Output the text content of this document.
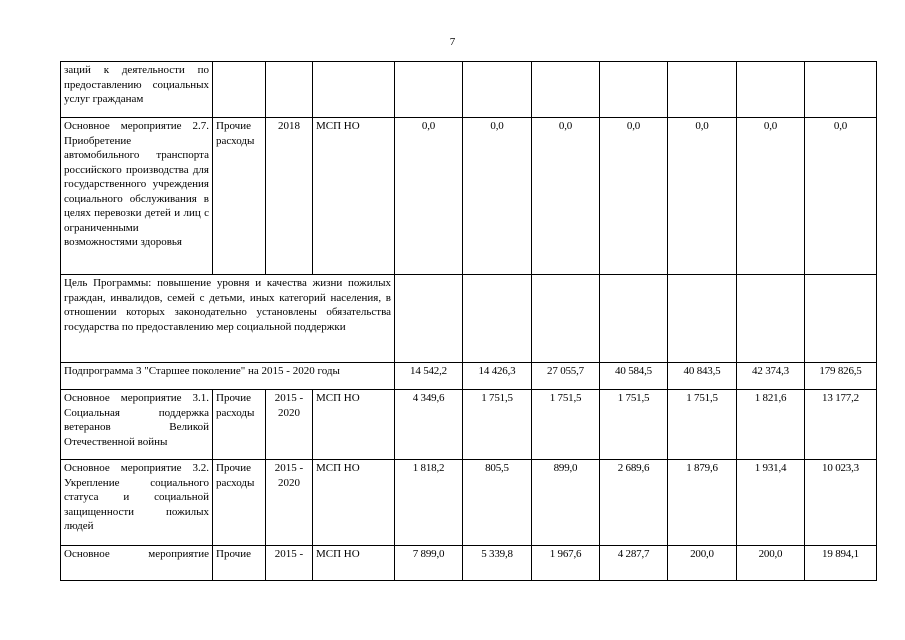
7
заций к деятельности по предоставлению социальных услуг гражданам										
Основное мероприятие 2.7. Приобретение автомобильного транспорта российского производства для государственного учреждения социального обслуживания в целях перевозки детей и лиц с ограниченными возможностями здоровья	Прочие расходы	2018	МСП НО	0,0	0,0	0,0	0,0	0,0	0,0	0,0
Цель Программы: повышение уровня и качества жизни пожилых граждан, инвалидов, семей с детьми, иных категорий населения, в отношении которых законодательно установлены обязательства государства по предоставлению мер социальной поддержки										
Подпрограмма 3 "Старшее поколение" на 2015 - 2020 годы				14 542,2	14 426,3	27 055,7	40 584,5	40 843,5	42 374,3	179 826,5
Основное мероприятие 3.1. Социальная поддержка ветеранов Великой Отечественной войны	Прочие расходы	2015 - 2020	МСП НО	4 349,6	1 751,5	1 751,5	1 751,5	1 751,5	1 821,6	13 177,2
Основное мероприятие 3.2. Укрепление социального статуса и социальной защищенности пожилых людей	Прочие расходы	2015 - 2020	МСП НО	1 818,2	805,5	899,0	2 689,6	1 879,6	1 931,4	10 023,3
Основное мероприятие	Прочие	2015 -	МСП НО	7 899,0	5 339,8	1 967,6	4 287,7	200,0	200,0	19 894,1
